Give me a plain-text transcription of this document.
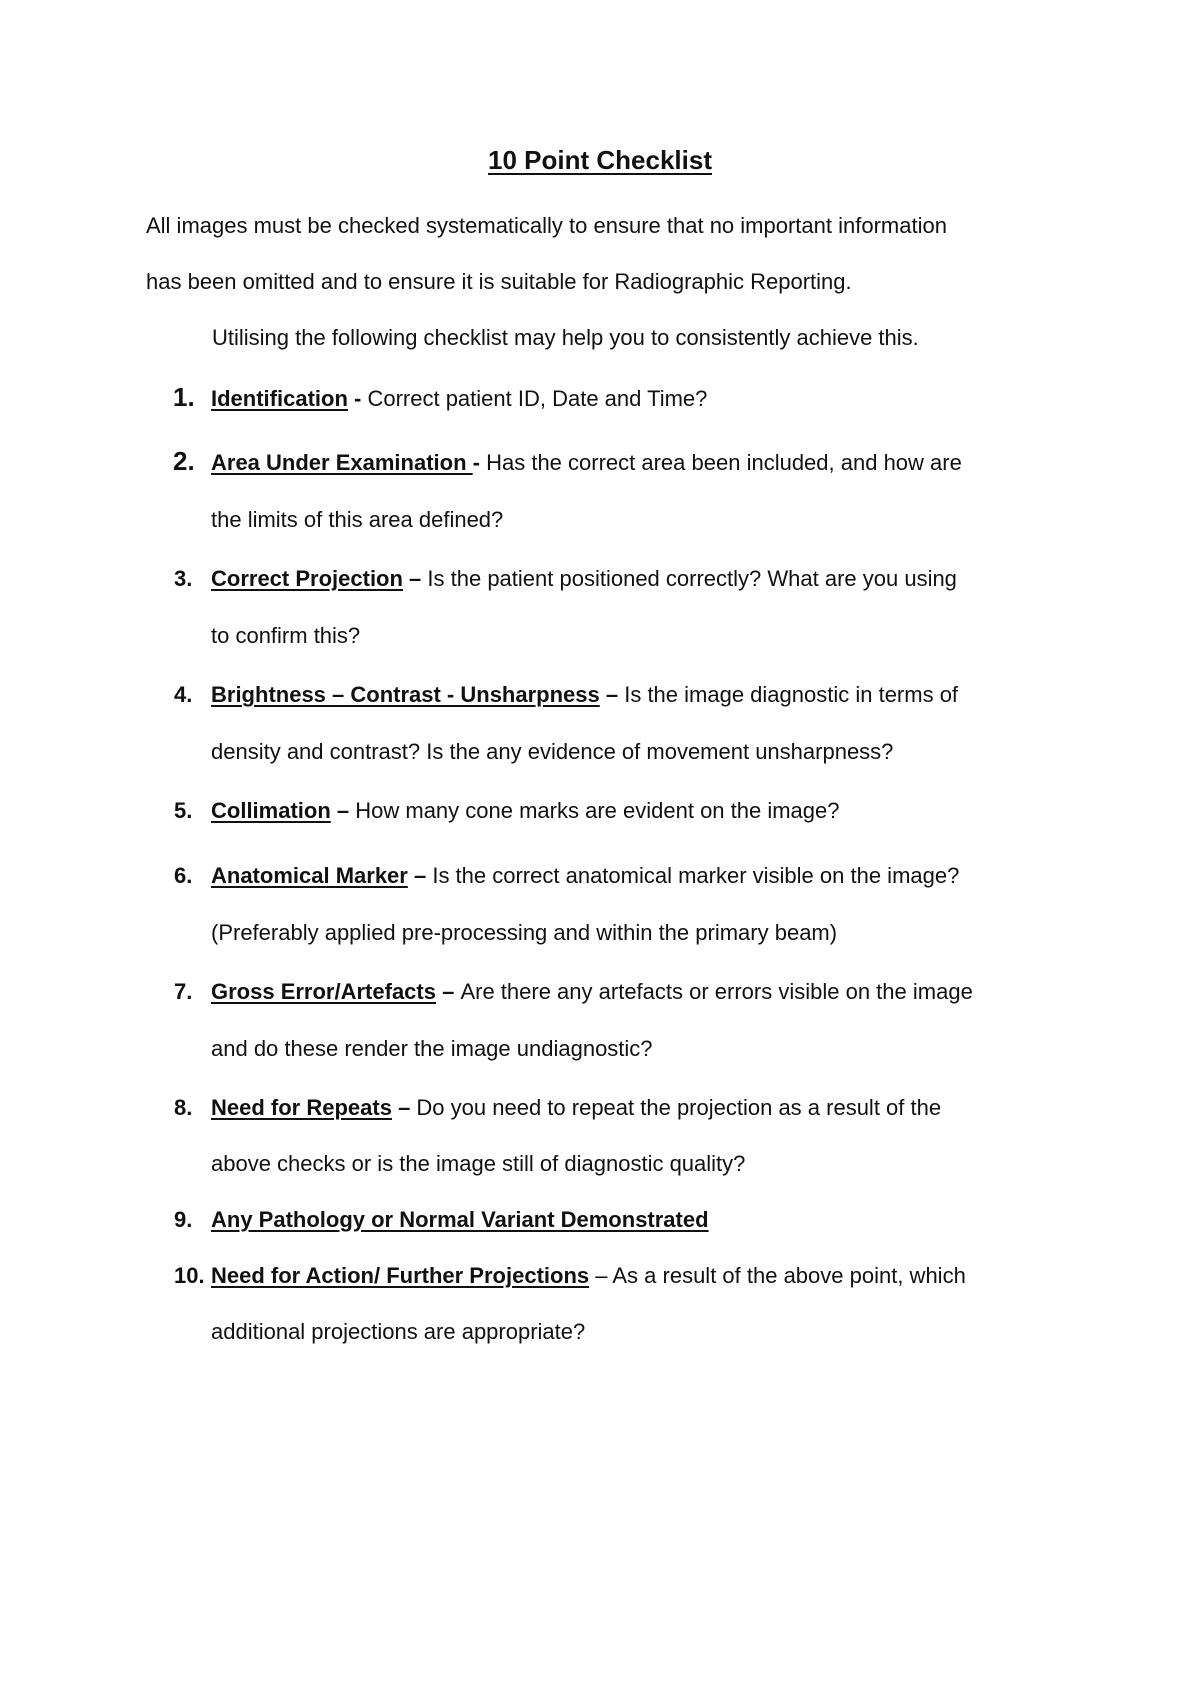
10 Point Checklist
All images must be checked systematically to ensure that no important information
has been omitted and to ensure it is suitable for Radiographic Reporting.
Utilising the following checklist may help you to consistently achieve this.
1. Identification - Correct patient ID, Date and Time?
2. Area Under Examination - Has the correct area been included, and how are
the limits of this area defined?
3. Correct Projection – Is the patient positioned correctly? What are you using
to confirm this?
4. Brightness – Contrast - Unsharpness – Is the image diagnostic in terms of
density and contrast? Is the any evidence of movement unsharpness?
5. Collimation – How many cone marks are evident on the image?
6. Anatomical Marker – Is the correct anatomical marker visible on the image?
(Preferably applied pre-processing and within the primary beam)
7. Gross Error/Artefacts – Are there any artefacts or errors visible on the image
and do these render the image undiagnostic?
8. Need for Repeats – Do you need to repeat the projection as a result of the
above checks or is the image still of diagnostic quality?
9. Any Pathology or Normal Variant Demonstrated
10. Need for Action/ Further Projections – As a result of the above point, which
additional projections are appropriate?
